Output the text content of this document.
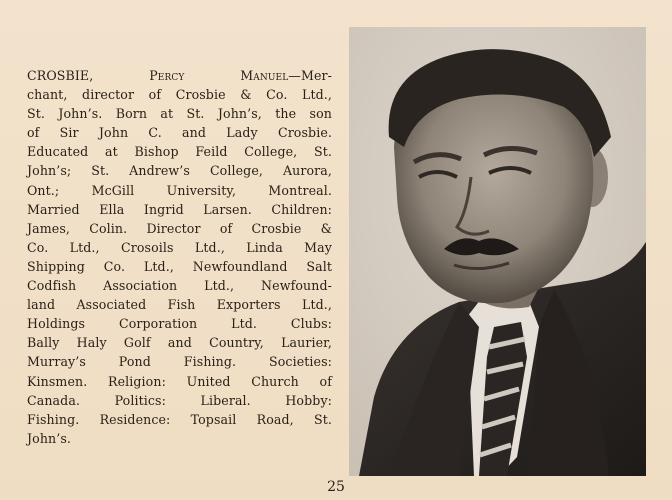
CROSBIE,	Percy Manuel—Mer-
chant, director of Crosbie & Co. Ltd.,
St. John’s. Born at St. John’s, the son
of Sir John C. and Lady Crosbie.
Educated at Bishop Feild College, St.
John’s; St. Andrew’s College, Aurora,
Ont.; McGill University, Montreal.
Married Ella Ingrid Larsen. Children:
James, Colin. Director of Crosbie &
Co. Ltd., Crosoils Ltd., Linda May
Shipping Co. Ltd., Newfoundland Salt
Codfish Association Ltd., Newfound-
land Associated Fish Exporters Ltd.,
Holdings Corporation Ltd. Clubs:
Bally Haly Golf and Country, Laurier,
Murray’s Pond Fishing. Societies:
Kinsmen. Religion: United Church of
Canada. Politics: Liberal. Hobby:
Fishing. Residence: Topsail Road, St.
John’s.
25
